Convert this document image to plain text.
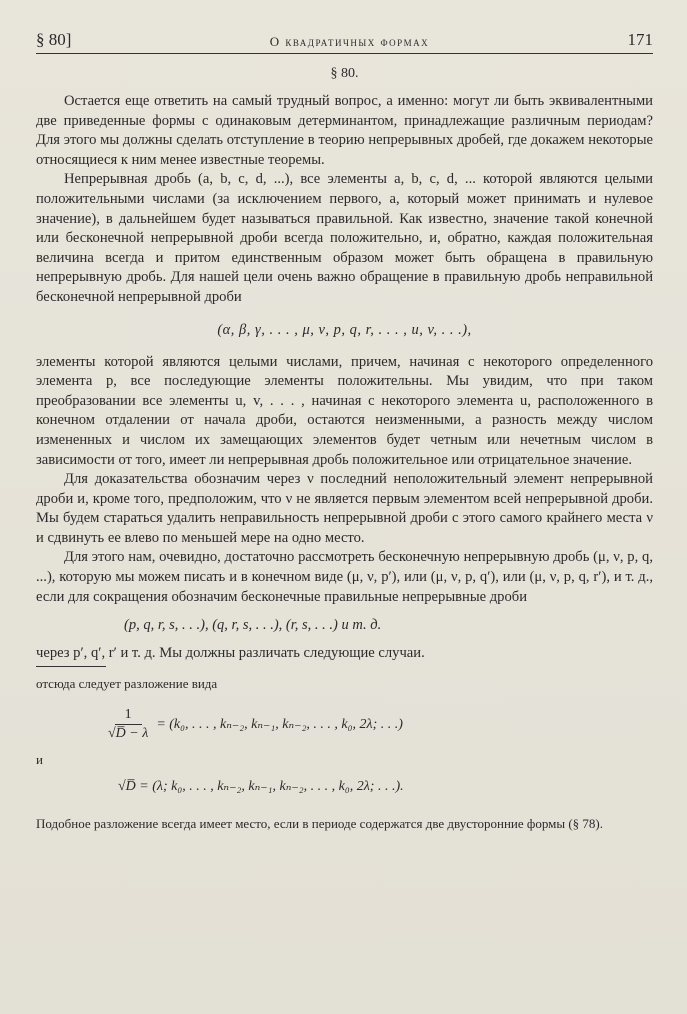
§ 80]	О квадратичных формах	171
§ 80.

Остается еще ответить на самый трудный вопрос, а именно: могут ли быть эквивалентными две приведенные формы с одинаковым детерминантом, принадлежащие различным периодам? Для этого мы должны сделать отступление в теорию непрерывных дробей, где докажем некоторые относящиеся к ним менее известные теоремы.

Непрерывная дробь (a, b, c, d, ...), все элементы a, b, c, d, ... которой являются целыми положительными числами (за исключением первого, a, который может принимать и нулевое значение), в дальнейшем будет называться правильной. Как известно, значение такой конечной или бесконечной непрерывной дроби всегда положительно, и, обратно, каждая положительная величина всегда и притом единственным образом может быть обращена в правильную непрерывную дробь. Для нашей цели очень важно обращение в правильную дробь неправильной бесконечной непрерывной дроби

(α, β, γ, . . . , μ, ν, p, q, r, . . . , u, v, . . .),

элементы которой являются целыми числами, причем, начиная с некоторого определенного элемента p, все последующие элементы положительны. Мы увидим, что при таком преобразовании все элементы u, v, . . . , начиная с некоторого элемента u, расположенного в конечном отдалении от начала дроби, остаются неизменными, а разность между числом измененных и числом их замещающих элементов будет четным или нечетным числом в зависимости от того, имеет ли непрерывная дробь положительное или отрицательное значение.

Для доказательства обозначим через ν последний неположительный элемент непрерывной дроби и, кроме того, предположим, что ν не является первым элементом всей непрерывной дроби. Мы будем стараться удалить неправильность непрерывной дроби с этого самого крайнего места ν и сдвинуть ее влево по меньшей мере на одно место.

Для этого нам, очевидно, достаточно рассмотреть бесконечную непрерывную дробь (μ, ν, p, q, ...), которую мы можем писать и в конечном виде (μ, ν, p′), или (μ, ν, p, q′), или (μ, ν, p, q, r′), и т. д., если для сокращения обозначим бесконечные правильные непрерывные дроби

(p, q, r, s, . . .), (q, r, s, . . .), (r, s, . . .) и т. д.

через p′, q′, r′ и т. д. Мы должны различать следующие случаи.

отсюда следует разложение вида

$\frac{1}{√D̅ - \lambda} = (k_0$, . . . , kₙ₋₂, kₙ₋₁, kₙ₋₂, . . . , k₀, 2λ; . . .)
и
√D̅ = (λ; k₀, . . . , kₙ₋₂, kₙ₋₁, kₙ₋₂, . . . , k₀, 2λ; . . .).

Подобное разложение всегда имеет место, если в периоде содержатся две двусторонние формы (§ 78).
